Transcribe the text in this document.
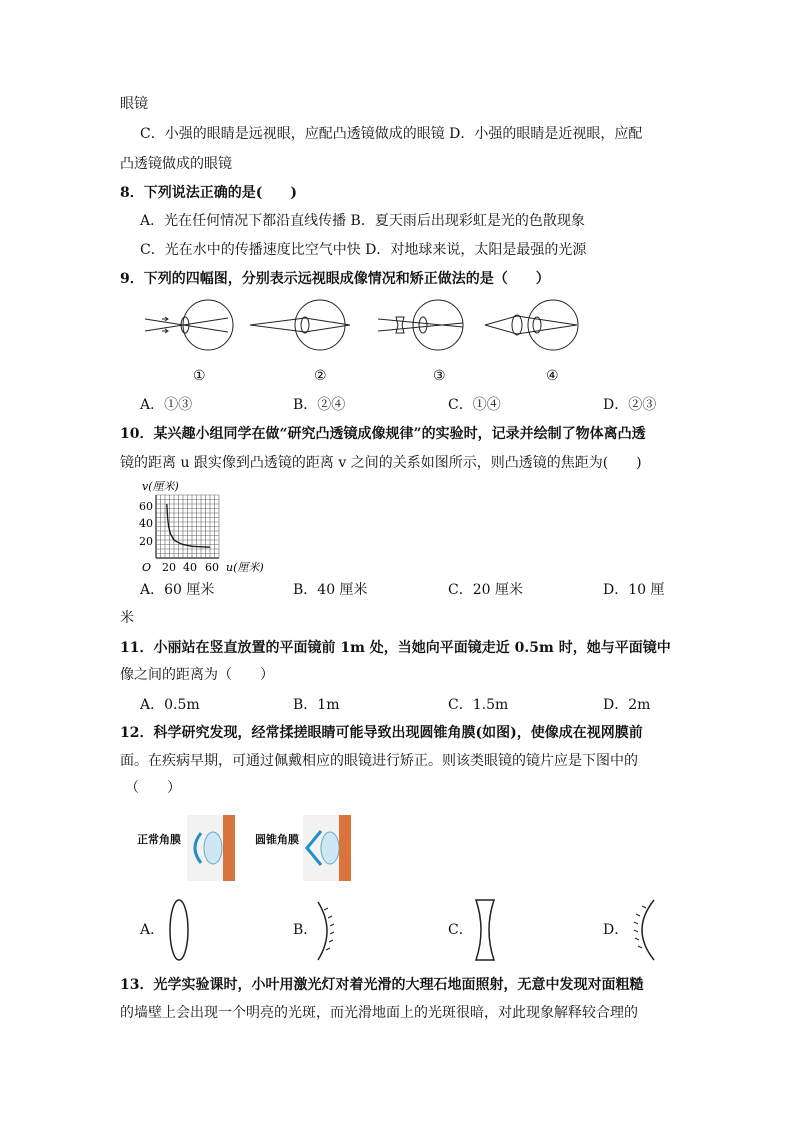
眼镜
C．小强的眼睛是远视眼，应配凸透镜做成的眼镜 D．小强的眼睛是近视眼，应配
凸透镜做成的眼镜
8．下列说法正确的是(　　)
A．光在任何情况下都沿直线传播 B．夏天雨后出现彩虹是光的色散现象
C．光在水中的传播速度比空气中快 D．对地球来说，太阳是最强的光源
9．下列的四幅图，分别表示远视眼成像情况和矫正做法的是（　　）
①	②	③	④
A．①③	B．②④	C．①④	D．②③
10．某兴趣小组同学在做“研究凸透镜成像规律”的实验时，记录并绘制了物体离凸透
镜的距离 u 跟实像到凸透镜的距离 v 之间的关系如图所示，则凸透镜的焦距为(　　)
v(厘米)
u(厘米)
O
60
40
20
20 40 60
A．60 厘米	B．40 厘米	C．20 厘米	D．10 厘
米
11．小丽站在竖直放置的平面镜前 1m 处，当她向平面镜走近 0.5m 时，她与平面镜中
像之间的距离为（　　）
A．0.5m	B．1m	C．1.5m	D．2m
12．科学研究发现，经常揉搓眼睛可能导致出现圆锥角膜(如图)，使像成在视网膜前
面。在疾病早期，可通过佩戴相应的眼镜进行矫正。则该类眼镜的镜片应是下图中的
（　　）
正常角膜	圆锥角膜
A．	B．	C．	D．
13．光学实验课时，小叶用激光灯对着光滑的大理石地面照射，无意中发现对面粗糙
的墙壁上会出现一个明亮的光斑，而光滑地面上的光斑很暗，对此现象解释较合理的
